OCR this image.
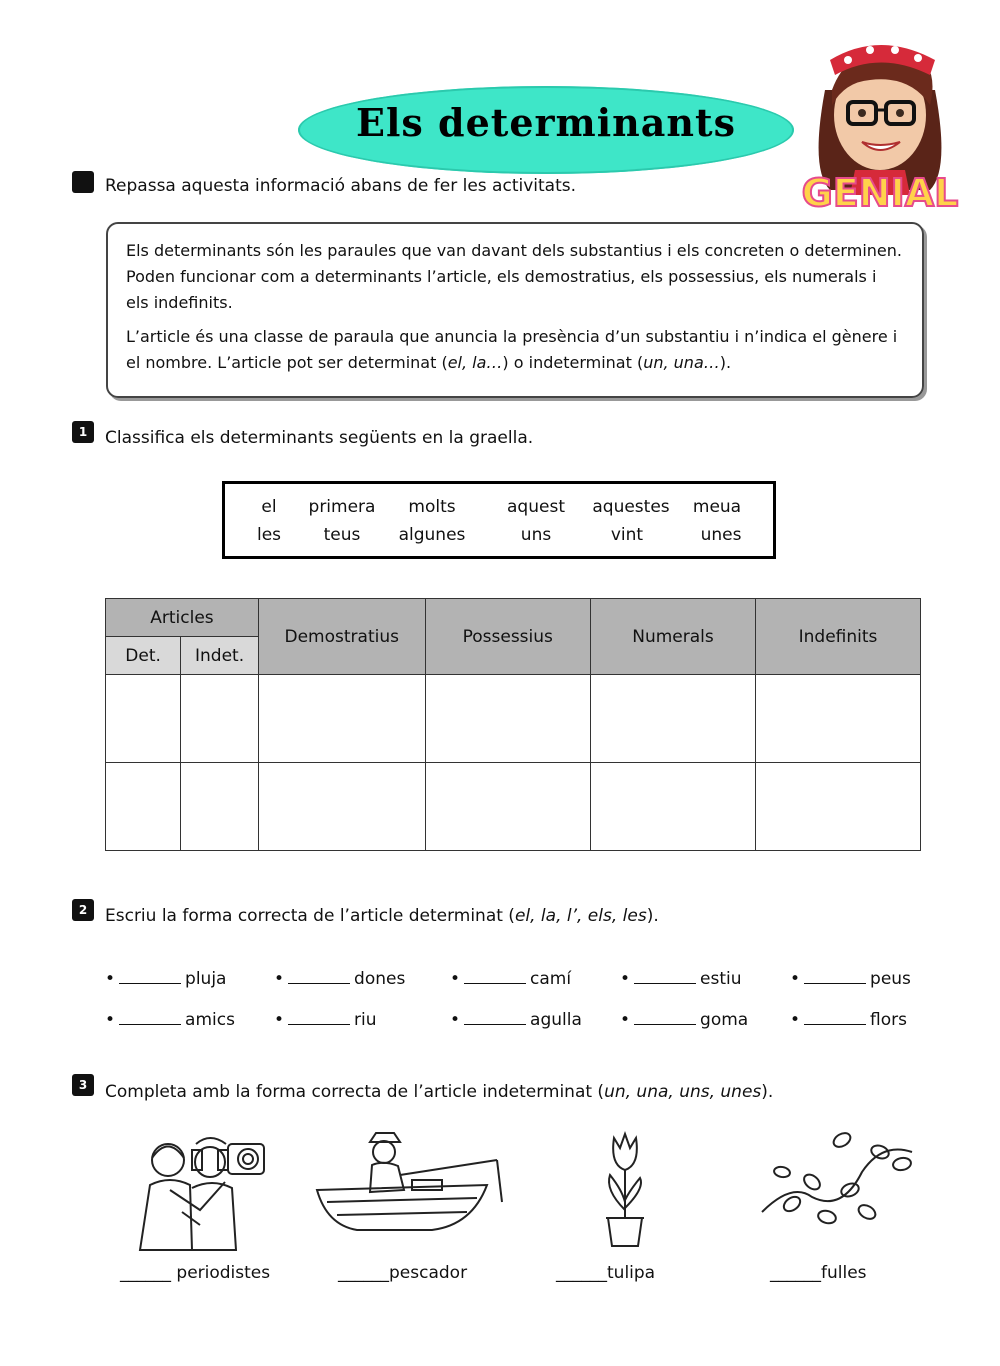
Els determinants
GENIAL
Repassa aquesta informació abans de fer les activitats.

Els determinants són les paraules que van davant dels substantius i els concreten o determinen. Poden funcionar com a determinants l’article, els demostratius, els possessius, els numerals i els indefinits.

L’article és una classe de paraula que anuncia la presència d’un substantiu i n’indica el gènere i el nombre. L’article pot ser determinat (el, la…) o indeterminat (un, una…).

1	Classifica els determinants següents en la graella.
el	primera	molts	aquest	aquestes	meua
les	teus	algunes	uns	vint	unes
Articles		Demostratius	Possessius	Numerals	Indefinits
Det.	Indet.				

2	Escriu la forma correcta de l’article determinat (el, la, l’, els, les).
•	pluja	•	dones	•	camí	•	estiu	•	peus
•	amics •	riu	•	agulla •	goma •	flors
3	Completa amb la forma correcta de l’article indeterminat (un, una, uns, unes).
______ periodistes	______pescador	______tulipa	______fulles
